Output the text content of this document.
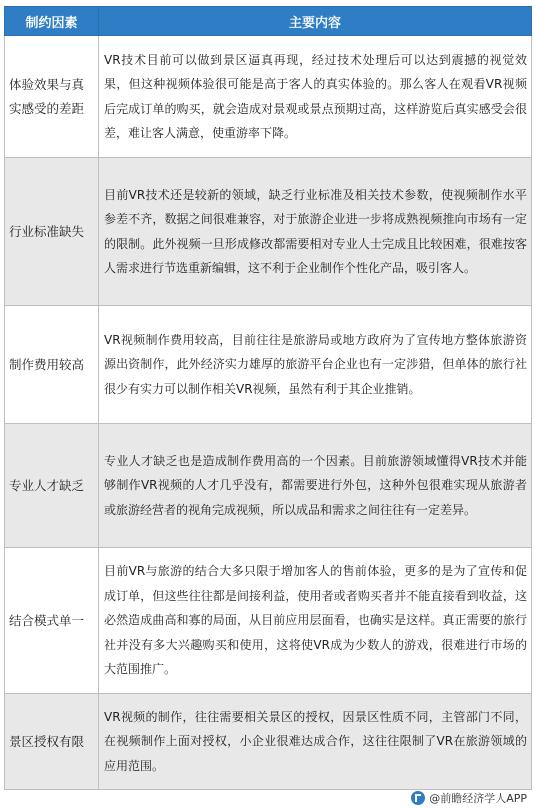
制约因素	主要内容
体验效果与真实感受的差距	VR技术目前可以做到景区逼真再现，经过技术处理后可以达到震撼的视觉效果，但这种视频体验很可能是高于客人的真实体验的。那么客人在观看VR视频后完成订单的购买，就会造成对景观或景点预期过高，这样游览后真实感受会很差，难让客人满意，使重游率下降。
行业标准缺失	目前VR技术还是较新的领域，缺乏行业标准及相关技术参数，使视频制作水平参差不齐，数据之间很难兼容，对于旅游企业进一步将成熟视频推向市场有一定的限制。此外视频一旦形成修改都需要相对专业人士完成且比较困难，很难按客人需求进行节选重新编辑，这不利于企业制作个性化产品，吸引客人。
制作费用较高	VR视频制作费用较高，目前往往是旅游局或地方政府为了宣传地方整体旅游资源出资制作，此外经济实力雄厚的旅游平台企业也有一定涉猎，但单体的旅行社很少有实力可以制作相关VR视频，虽然有利于其企业推销。
专业人才缺乏	专业人才缺乏也是造成制作费用高的一个因素。目前旅游领域懂得VR技术并能够制作VR视频的人才几乎没有，都需要进行外包，这种外包很难实现从旅游者或旅游经营者的视角完成视频，所以成品和需求之间往往有一定差异。
结合模式单一	目前VR与旅游的结合大多只限于增加客人的售前体验，更多的是为了宣传和促成订单，但这些往往都是间接利益，使用者或者购买者并不能直接看到收益，这必然造成曲高和寡的局面，从目前应用层面看，也确实是这样。真正需要的旅行社并没有多大兴趣购买和使用，这将使VR成为少数人的游戏，很难进行市场的大范围推广。
景区授权有限	VR视频的制作，往往需要相关景区的授权，因景区性质不同，主管部门不同，在视频制作上面对授权，小企业很难达成合作，这往往限制了VR在旅游领域的应用范围。
@前瞻经济学人APP
